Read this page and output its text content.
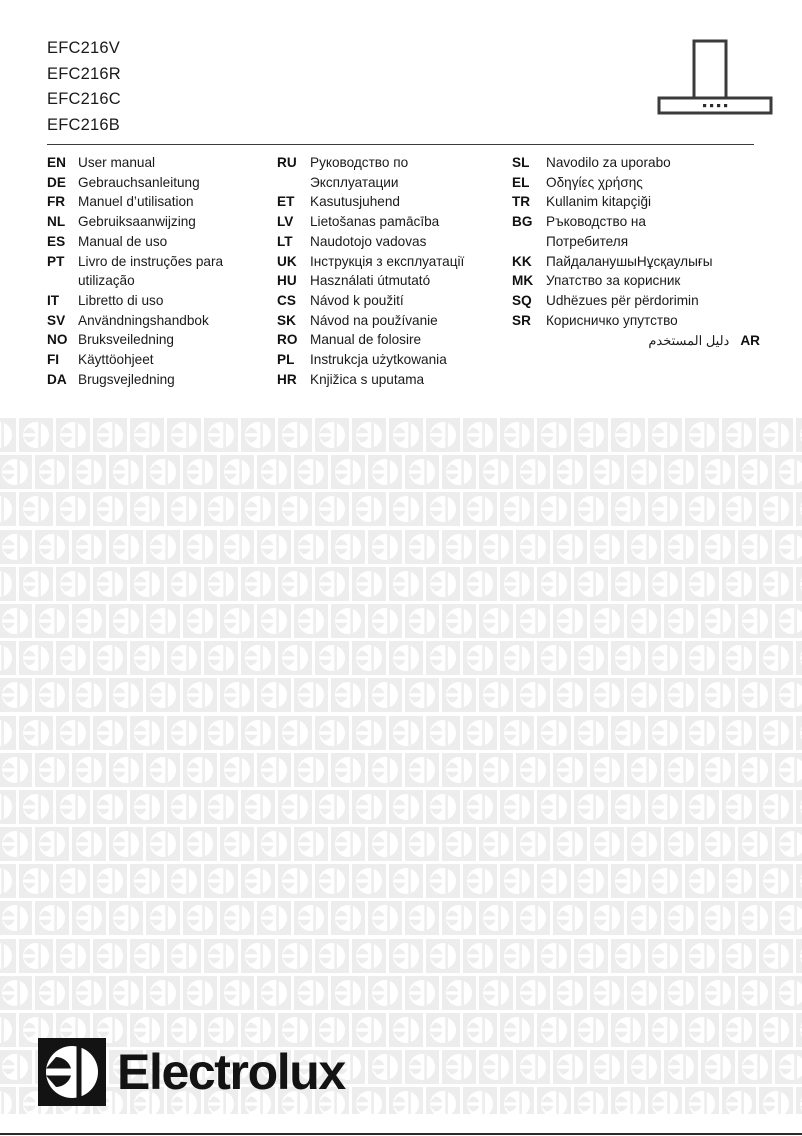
EFC216V
EFC216R
EFC216C
EFC216B
EN User manual
DE Gebrauchsanleitung
FR Manuel d’utilisation
NL Gebruiksaanwijzing
ES Manual de uso
PT Livro de instruções para
utilização
IT Libretto di uso
SV Användningshandbok
NO Bruksveiledning
FI Käyttöohjeet
DA Brugsvejledning
RU Руководство по
Эксплуатации
ET Kasutusjuhend
LV Lietošanas pamācība
LT Naudotojo vadovas
UK Інструкція з експлуатації
HU Használati útmutató
CS Návod k použití
SK Návod na používanie
RO Manual de folosire
PL Instrukcja użytkowania
HR Knjižica s uputama
SL Navodilo za uporabo
EL Οδηγίες χρήσης
TR Kullanim kitapçiği
BG Ръководство на
Потребителя
KK ПайдаланушыНұсқаулығы
MK Упатство за корисник
SQ Udhëzues për përdorimin
SR Корисничко упутство
دليل المستخدم AR
Electrolux
